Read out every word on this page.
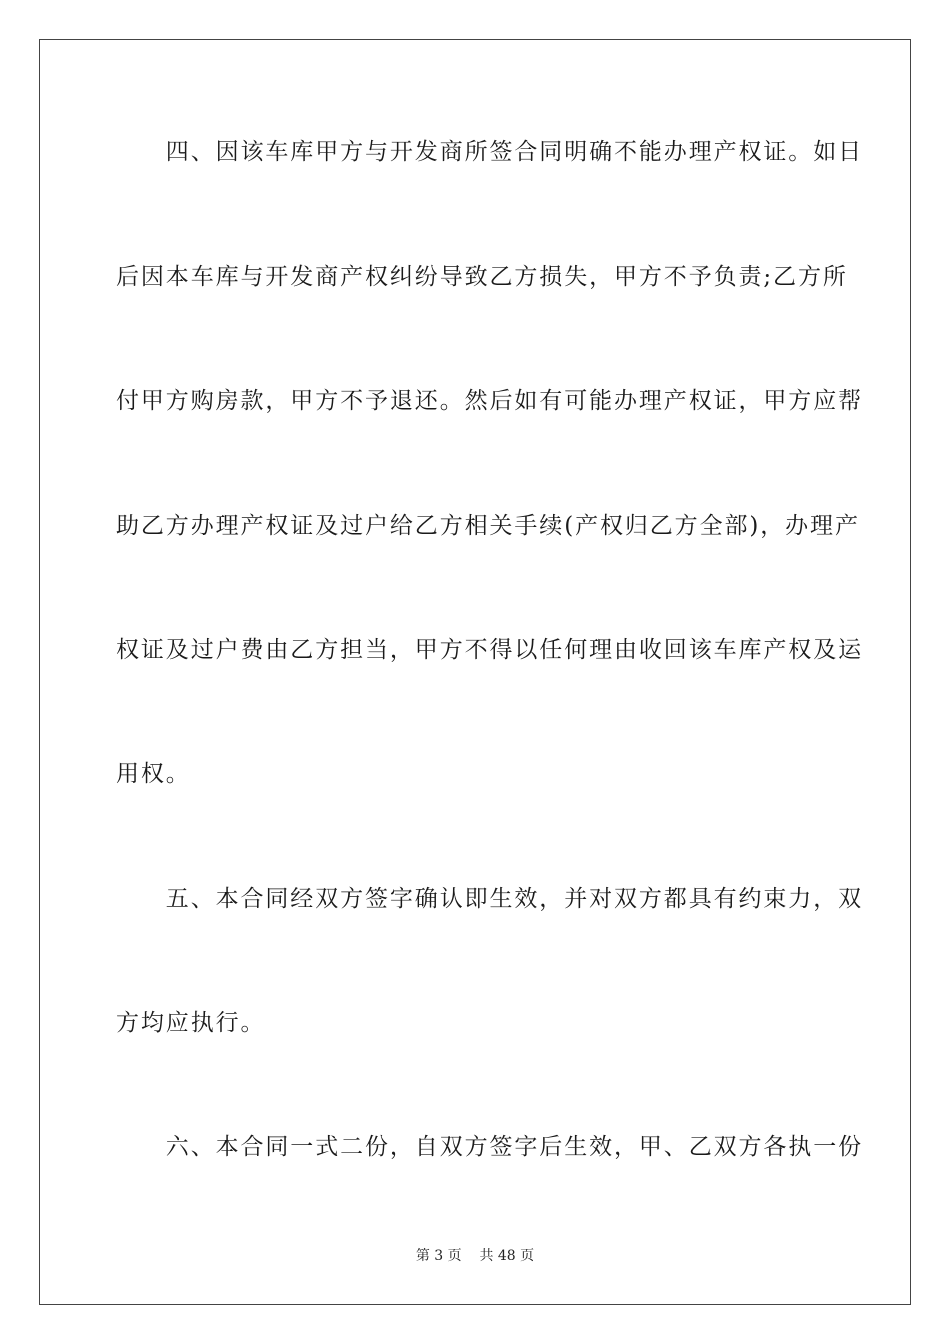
　　四、因该车库甲方与开发商所签合同明确不能办理产权证。如日
后因本车库与开发商产权纠纷导致乙方损失，甲方不予负责;乙方所
付甲方购房款，甲方不予退还。然后如有可能办理产权证，甲方应帮
助乙方办理产权证及过户给乙方相关手续(产权归乙方全部)，办理产
权证及过户费由乙方担当，甲方不得以任何理由收回该车库产权及运
用权。
　　五、本合同经双方签字确认即生效，并对双方都具有约束力，双
方均应执行。
　　六、本合同一式二份，自双方签字后生效，甲、乙双方各执一份
第 3 页 共 48 页
